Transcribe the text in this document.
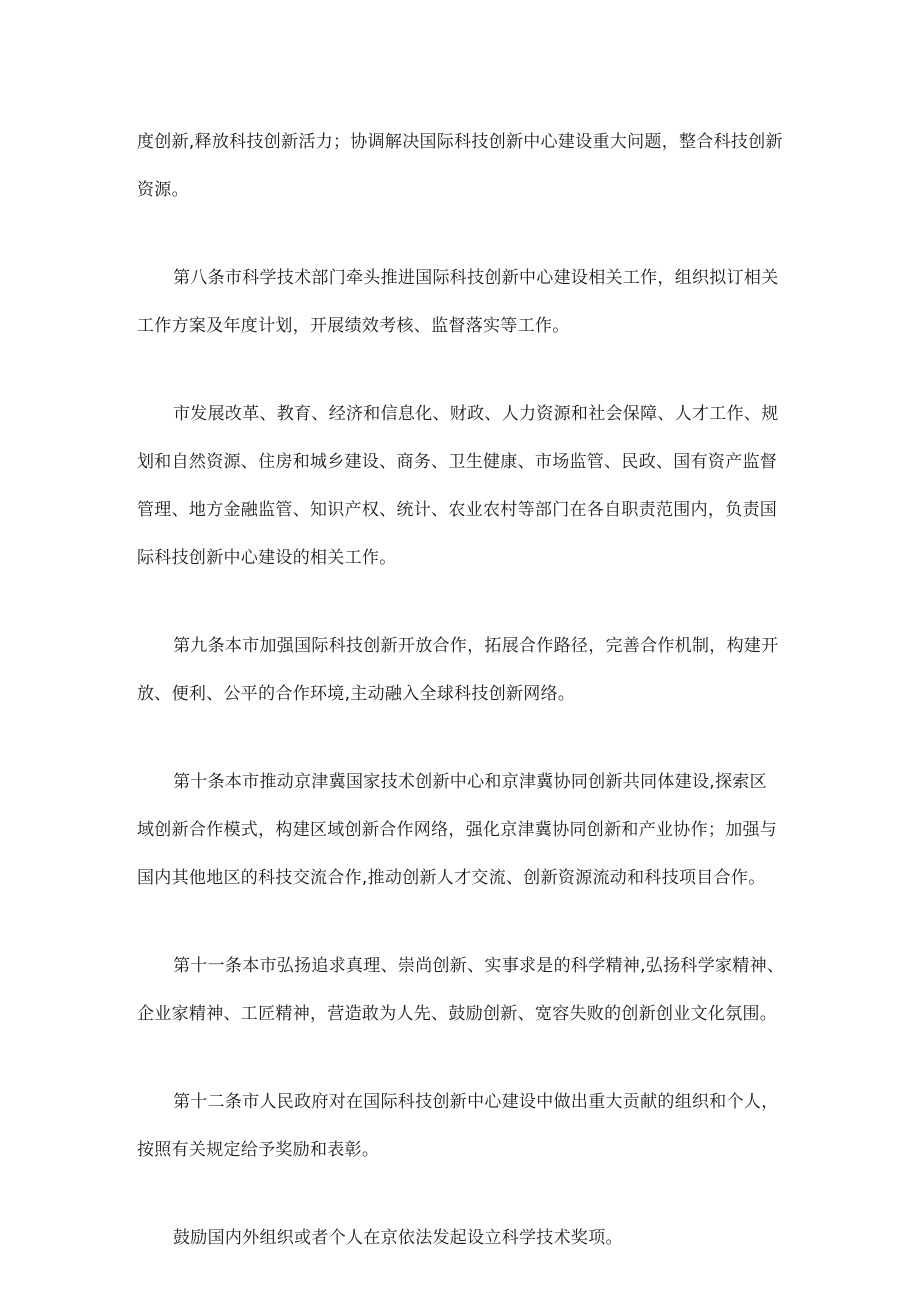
度创新,释放科技创新活力；协调解决国际科技创新中心建设重大问题，整合科技创新
资源。

第八条市科学技术部门牵头推进国际科技创新中心建设相关工作，组织拟订相关
工作方案及年度计划，开展绩效考核、监督落实等工作。

市发展改革、教育、经济和信息化、财政、人力资源和社会保障、人才工作、规
划和自然资源、住房和城乡建设、商务、卫生健康、市场监管、民政、国有资产监督
管理、地方金融监管、知识产权、统计、农业农村等部门在各自职责范围内，负责国
际科技创新中心建设的相关工作。

第九条本市加强国际科技创新开放合作，拓展合作路径，完善合作机制，构建开
放、便利、公平的合作环境,主动融入全球科技创新网络。

第十条本市推动京津冀国家技术创新中心和京津冀协同创新共同体建设,探索区
域创新合作模式，构建区域创新合作网络，强化京津冀协同创新和产业协作；加强与
国内其他地区的科技交流合作,推动创新人才交流、创新资源流动和科技项目合作。

第十一条本市弘扬追求真理、崇尚创新、实事求是的科学精神,弘扬科学家精神、
企业家精神、工匠精神，营造敢为人先、鼓励创新、宽容失败的创新创业文化氛围。

第十二条市人民政府对在国际科技创新中心建设中做出重大贡献的组织和个人，
按照有关规定给予奖励和表彰。

鼓励国内外组织或者个人在京依法发起设立科学技术奖项。
